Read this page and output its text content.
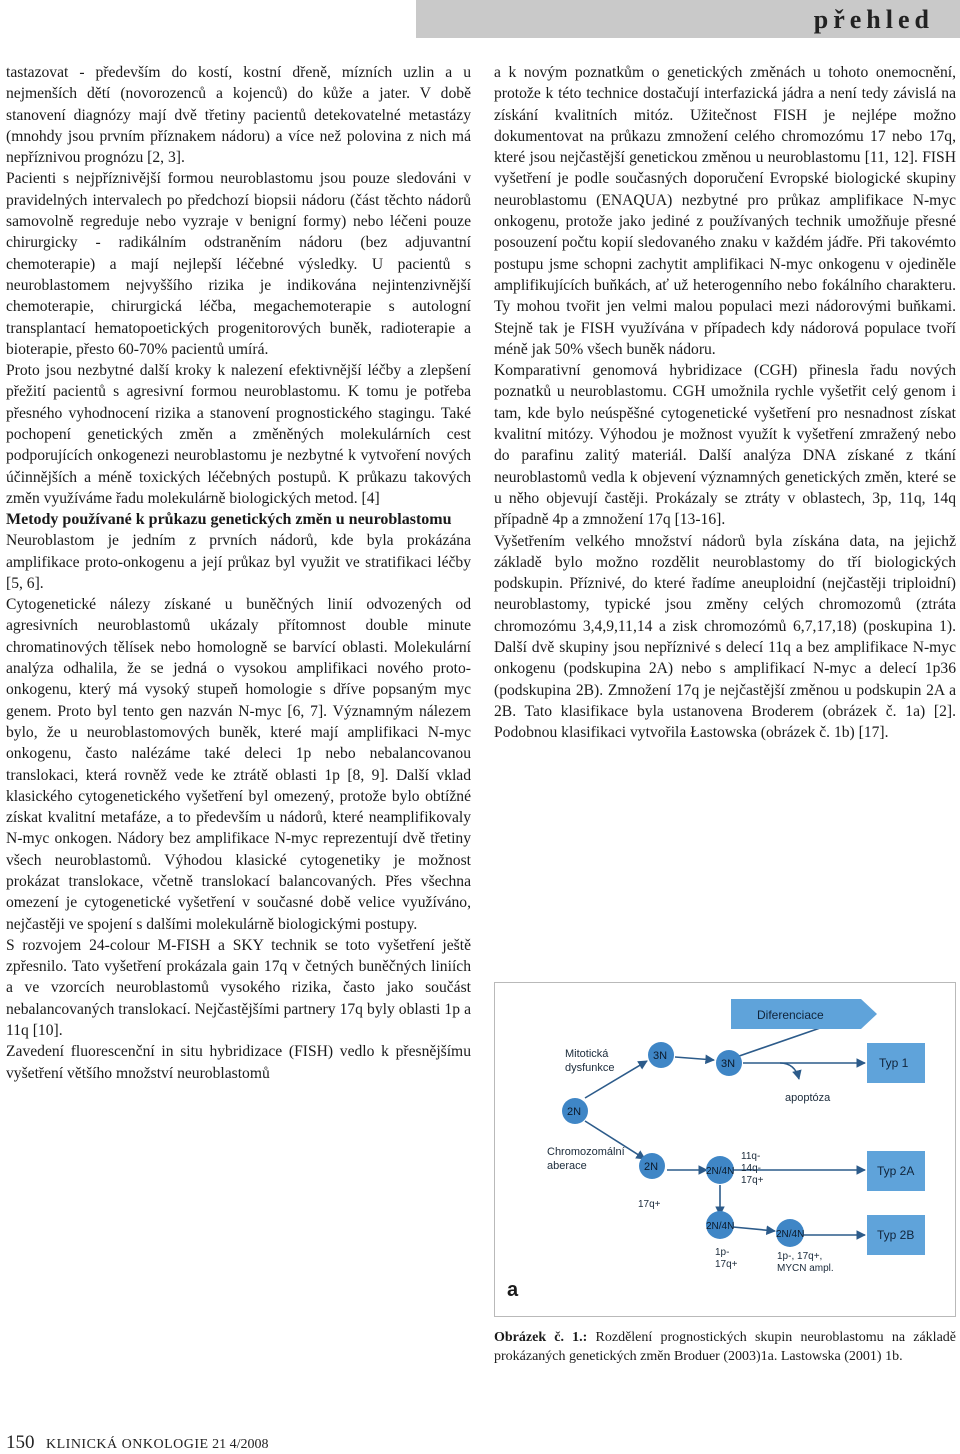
přehled

tastazovat - především do kostí, kostní dřeně, mízních uzlin a u nejmenších dětí (novorozenců a kojenců) do kůže a jater. V době stanovení diagnózy mají dvě třetiny pacientů detekovatelné metastázy (mnohdy jsou prvním příznakem nádoru) a více než polovina z nich má nepříznivou prognózu [2, 3].

Pacienti s nejpříznivější formou neuroblastomu jsou pouze sledováni v pravidelných intervalech po předchozí biopsii nádoru (část těchto nádorů samovolně regreduje nebo vyzraje v benigní formy) nebo léčeni pouze chirurgicky - radikálním odstraněním nádoru (bez adjuvantní chemoterapie) a mají nejlepší léčebné výsledky. U pacientů s neuroblastomem nejvyššího rizika je indikována nejintenzivnější chemoterapie, chirurgická léčba, megachemoterapie s autologní transplantací hematopoetických progenitorových buněk, radioterapie a bioterapie, přesto 60-70% pacientů umírá.

Proto jsou nezbytné další kroky k nalezení efektivnější léčby a zlepšení přežití pacientů s agresivní formou neuroblastomu. K tomu je potřeba přesného vyhodnocení rizika a stanovení prognostického stagingu. Také pochopení genetických změn a změněných molekulárních cest podporujících onkogenezi neuroblastomu je nezbytné k vytvoření nových účinnějších a méně toxických léčebných postupů. K průkazu takových změn využíváme řadu molekulárně biologických metod. [4]

Metody používané k průkazu genetických změn u neuroblastomu

Neuroblastom je jedním z prvních nádorů, kde byla prokázána amplifikace proto-onkogenu a její průkaz byl využit ve stratifikaci léčby [5, 6].

Cytogenetické nálezy získané u buněčných linií odvozených od agresivních neuroblastomů ukázaly přítomnost double minute chromatinových tělísek nebo homologně se barvící oblasti. Molekulární analýza odhalila, že se jedná o vysokou amplifikaci nového proto-onkogenu, který má vysoký stupeň homologie s dříve popsaným myc genem. Proto byl tento gen nazván N-myc [6, 7]. Významným nálezem bylo, že u neuroblastomových buněk, které mají amplifikaci N-myc onkogenu, často nalézáme také deleci 1p nebo nebalancovanou translokaci, která rovněž vede ke ztrátě oblasti 1p [8, 9]. Další vklad klasického cytogenetického vyšetření byl omezený, protože bylo obtížné získat kvalitní metafáze, a to především u nádorů, které neamplifikovaly N-myc onkogen. Nádory bez amplifikace N-myc reprezentují dvě třetiny všech neuroblastomů. Výhodou klasické cytogenetiky je možnost prokázat translokace, včetně translokací balancovaných. Přes všechna omezení je cytogenetické vyšetření v současné době velice využíváno, nejčastěji ve spojení s dalšími molekulárně biologickými postupy.

S rozvojem 24-colour M-FISH a SKY technik se toto vyšetření ještě zpřesnilo. Tato vyšetření prokázala gain 17q v četných buněčných liniích a ve vzorcích neuroblastomů vysokého rizika, často jako součást nebalancovaných translokací. Nejčastějšími partnery 17q byly oblasti 1p a 11q [10].

Zavedení fluorescenční in situ hybridizace (FISH) vedlo k přesnějšímu vyšetření většího množství neuroblastomů

a k novým poznatkům o genetických změnách u tohoto onemocnění, protože k této technice dostačují interfazická jádra a není tedy závislá na získání kvalitních mitóz. Užitečnost FISH je nejlépe možno dokumentovat na průkazu zmnožení celého chromozómu 17 nebo 17q, které jsou nejčastější genetickou změnou u neuroblastomu [11, 12]. FISH vyšetření je podle současných doporučení Evropské biologické skupiny neuroblastomu (ENAQUA) nezbytné pro průkaz amplifikace N-myc onkogenu, protože jako jediné z používaných technik umožňuje přesné posouzení počtu kopií sledovaného znaku v každém jádře. Při takovémto postupu jsme schopni zachytit amplifikaci N-myc onkogenu v ojediněle amplifikujících buňkách, ať už heterogenního nebo fokálního charakteru. Ty mohou tvořit jen velmi malou populaci mezi nádorovými buňkami. Stejně tak je FISH využívána v případech kdy nádorová populace tvoří méně jak 50% všech buněk nádoru.

Komparativní genomová hybridizace (CGH) přinesla řadu nových poznatků u neuroblastomu. CGH umožnila rychle vyšetřit celý genom i tam, kde bylo neúspěšné cytogenetické vyšetření pro nesnadnost získat kvalitní mitózy. Výhodou je možnost využít k vyšetření zmražený nebo do parafinu zalitý materiál. Další analýza DNA získané z tkání neuroblastomů vedla k objevení významných genetických změn, které se u něho objevují častěji. Prokázaly se ztráty v oblastech, 3p, 11q, 14q případně 4p a zmnožení 17q [13-16].

Vyšetřením velkého množství nádorů byla získána data, na jejichž základě bylo možno rozdělit neuroblastomy do tří biologických podskupin. Příznivé, do které řadíme aneuploidní (nejčastěji triploidní) neuroblastomy, typické jsou změny celých chromozomů (ztráta chromozómu 3,4,9,11,14 a zisk chromozómů 6,7,17,18) (poskupina 1). Další dvě skupiny jsou nepříznivé s delecí 11q a bez amplifikace N-myc onkogenu (podskupina 2A) nebo s amplifikací N-myc a delecí 1p36 (podskupina 2B). Zmnožení 17q je nejčastější změnou u podskupin 2A a 2B. Tato klasifikace byla ustanovena Broderem (obrázek č. 1a) [2]. Podobnou klasifikaci vytvořila Łastowska (obrázek č. 1b) [17].

Diferenciace
Typ 1
Typ 2A
Typ 2B
2N
3N
3N
2N	2N/4N
2N/4N
2N/4N
Mitotická
dysfunkce
Chromozomální
aberace
apoptóza
17q+
11q-
14q-
17q+
1p-
17q+
1p-, 17q+,
MYCN ampl.
a
Obrázek č. 1.: Rozdělení prognostických skupin neuroblastomu na základě prokázaných genetických změn Broduer (2003)1a. Lastowska (2001) 1b.
150 KLINICKÁ ONKOLOGIE 21 4/2008
